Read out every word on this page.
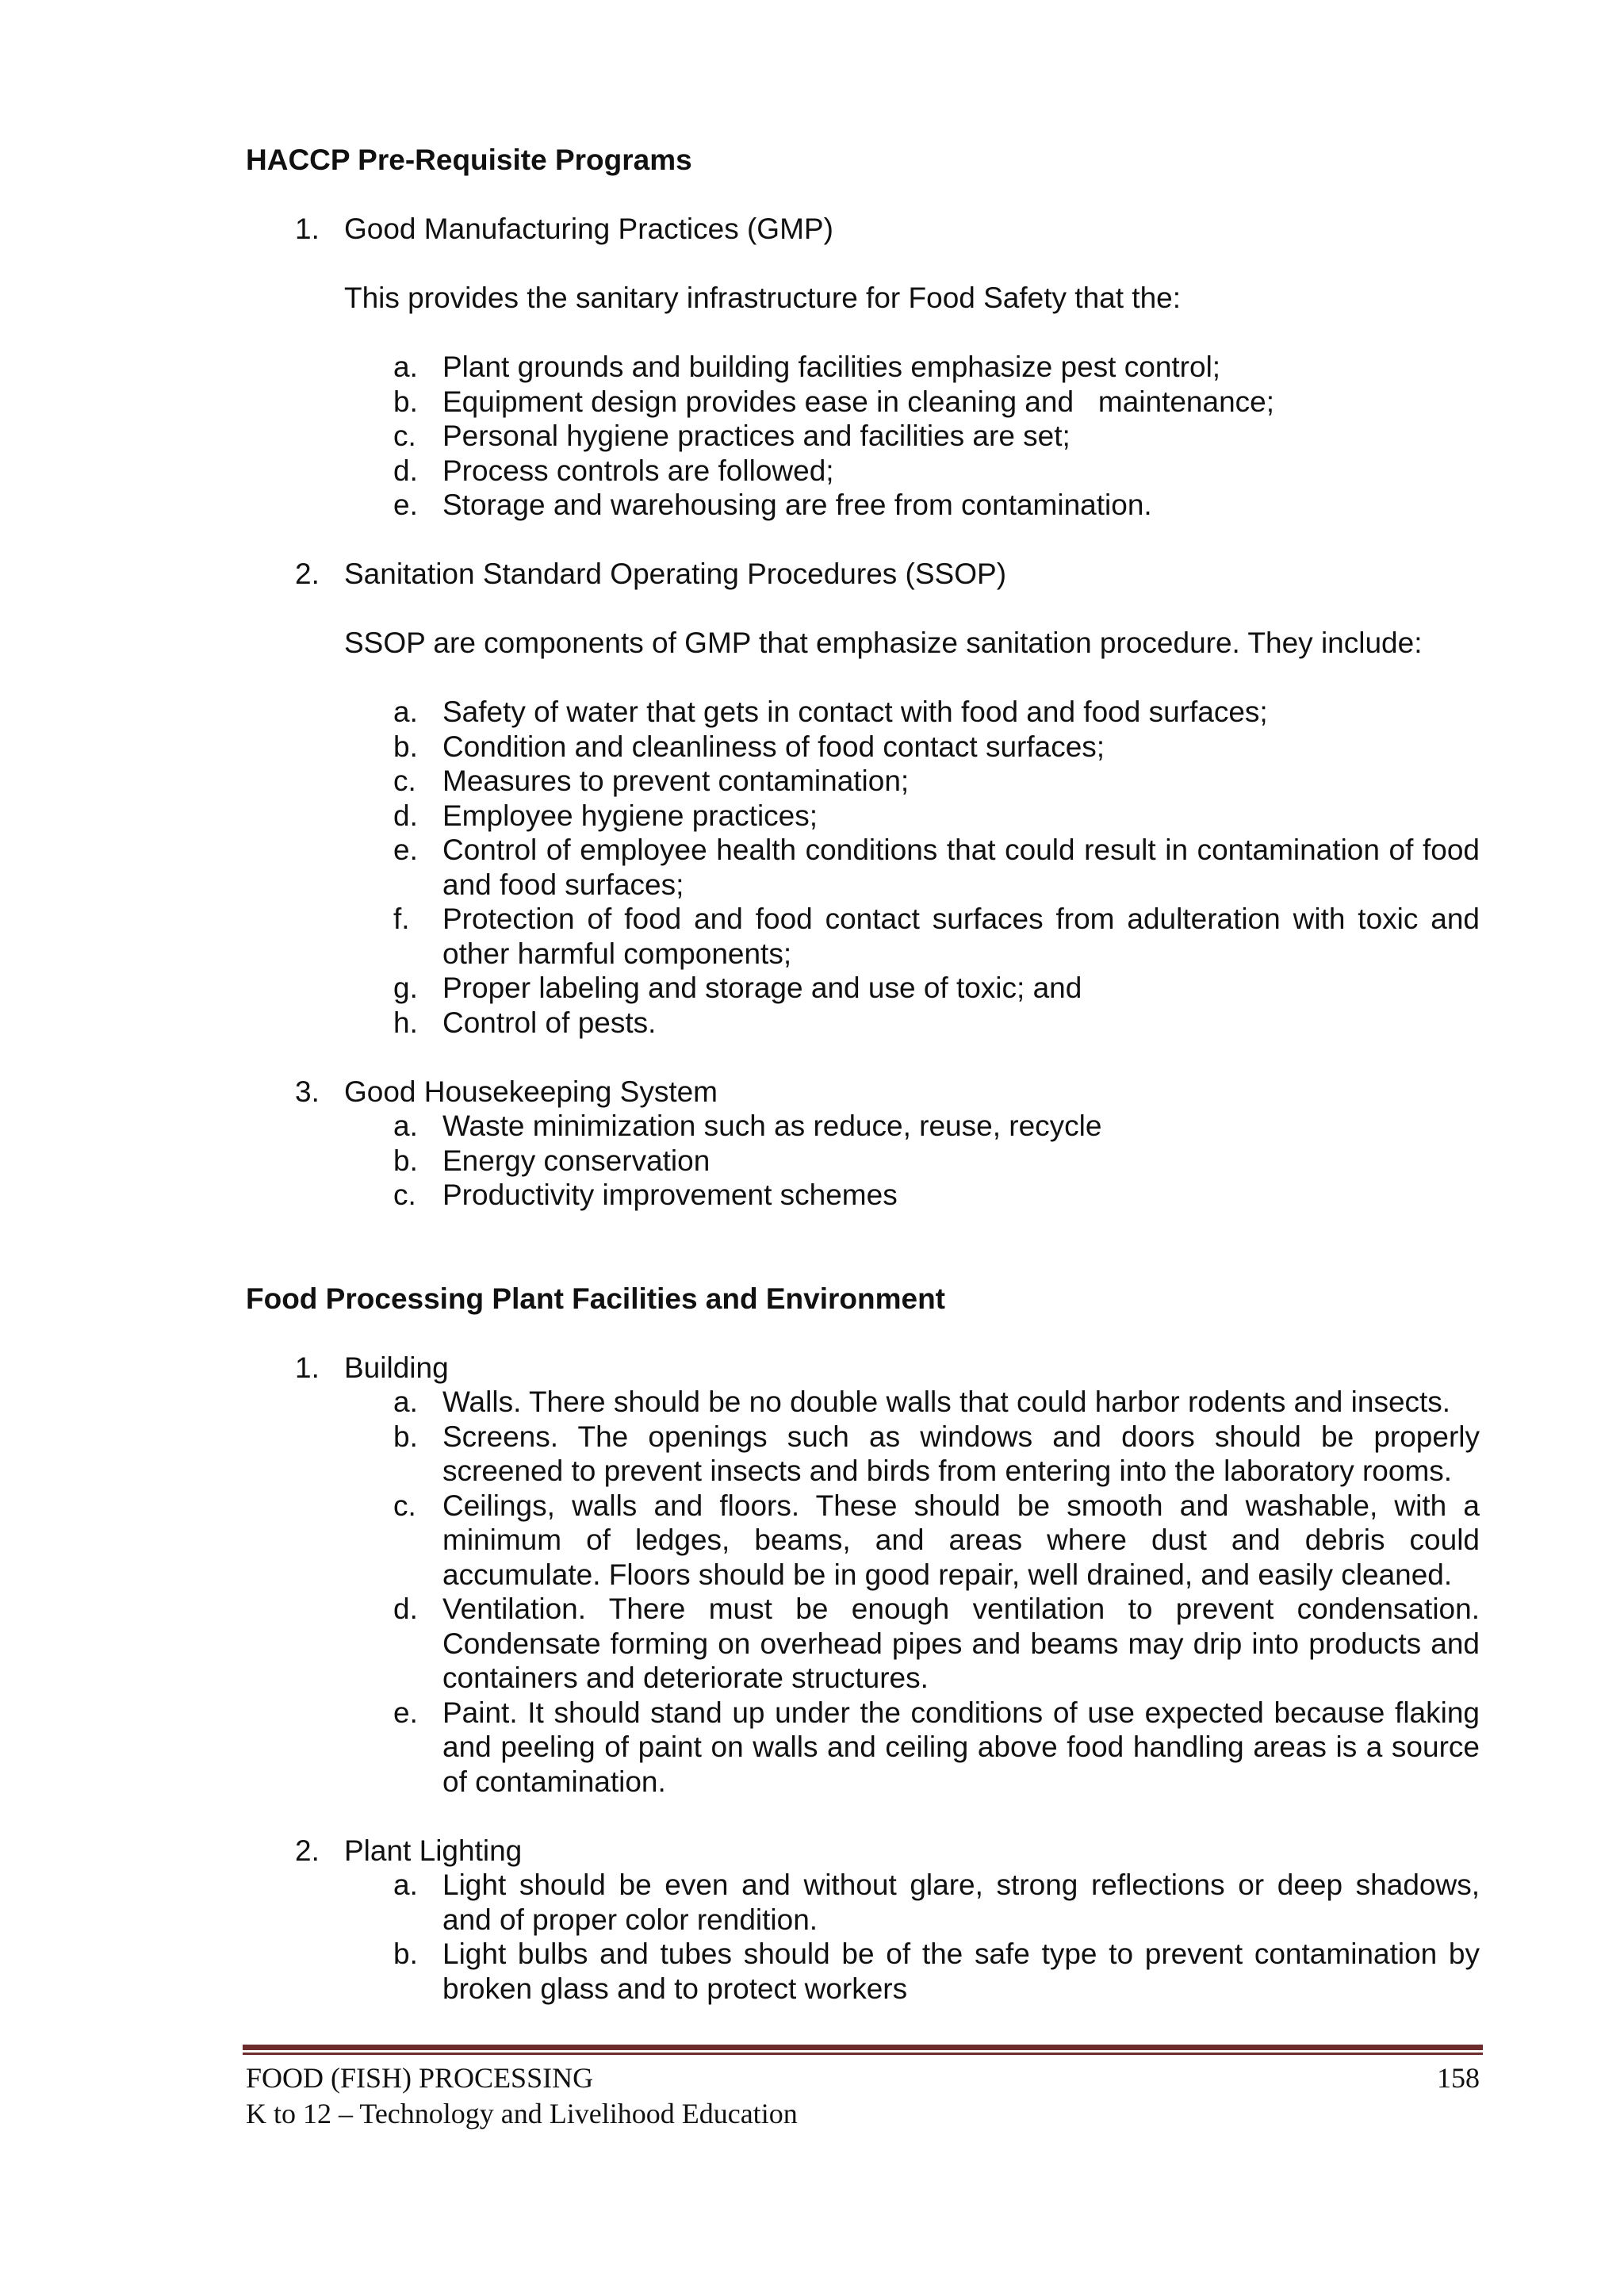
HACCP Pre-Requisite Programs
1. Good Manufacturing Practices (GMP)
This provides the sanitary infrastructure for Food Safety that the:
a. Plant grounds and building facilities emphasize pest control;
b. Equipment design provides ease in cleaning and   maintenance;
c. Personal hygiene practices and facilities are set;
d. Process controls are followed;
e. Storage and warehousing are free from contamination.
2. Sanitation Standard Operating Procedures (SSOP)
SSOP are components of GMP that emphasize sanitation procedure. They include:
a. Safety of water that gets in contact with food and food surfaces;
b. Condition and cleanliness of food contact surfaces;
c. Measures to prevent contamination;
d. Employee hygiene practices;
e. Control of employee health conditions that could result in contamination of food and food surfaces;
f. Protection of food and food contact surfaces from adulteration with toxic and other harmful components;
g. Proper labeling and storage and use of toxic; and
h. Control of pests.
3. Good Housekeeping System
a. Waste minimization such as reduce, reuse, recycle
b. Energy conservation
c. Productivity improvement schemes
Food Processing Plant Facilities and Environment
1. Building
a. Walls. There should be no double walls that could harbor rodents and insects.
b. Screens. The openings such as windows and doors should be properly screened to prevent insects and birds from entering into the laboratory rooms.
c. Ceilings, walls and floors. These should be smooth and washable, with a minimum of ledges, beams, and areas where dust and debris could accumulate. Floors should be in good repair, well drained, and easily cleaned.
d. Ventilation. There must be enough ventilation to prevent condensation. Condensate forming on overhead pipes and beams may drip into products and containers and deteriorate structures.
e. Paint. It should stand up under the conditions of use expected because flaking and peeling of paint on walls and ceiling above food handling areas is a source of contamination.
2. Plant Lighting
a. Light should be even and without glare, strong reflections or deep shadows, and of proper color rendition.
b. Light bulbs and tubes should be of the safe type to prevent contamination by broken glass and to protect workers
FOOD (FISH) PROCESSING	158
K to 12 – Technology and Livelihood Education
